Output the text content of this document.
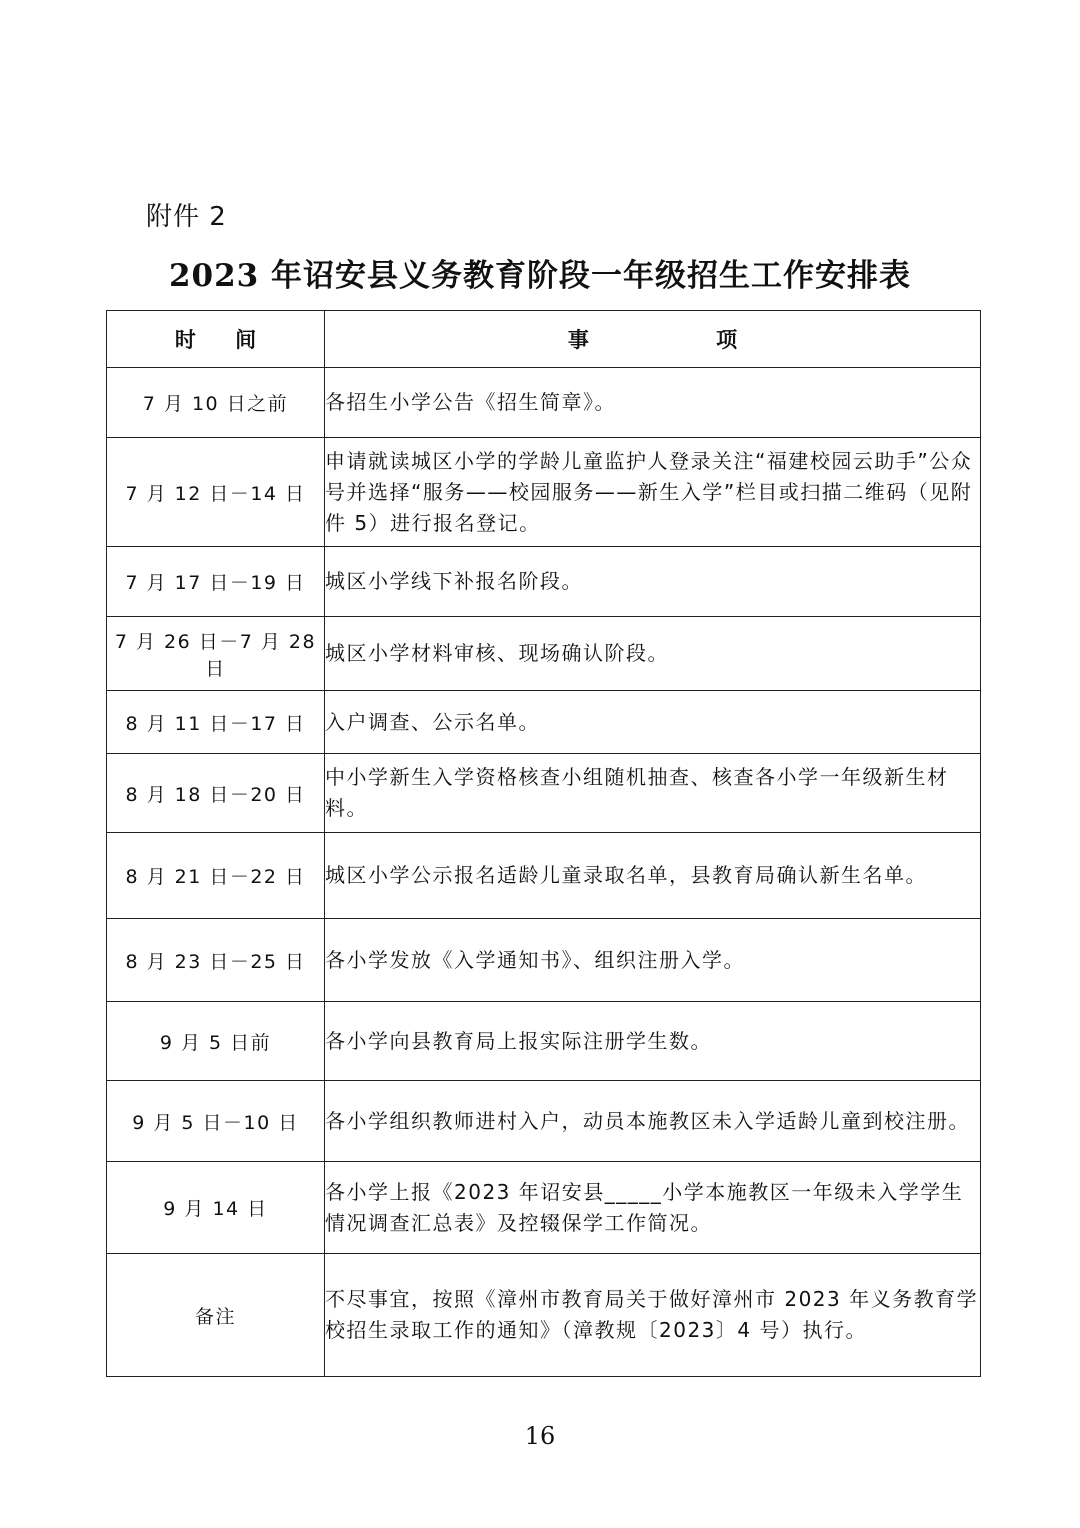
附件 2
2023 年诏安县义务教育阶段一年级招生工作安排表
时 间	事 项
7 月 10 日之前	各招生小学公告《招生简章》。
7 月 12 日－14 日	申请就读城区小学的学龄儿童监护人登录关注“福建校园云助手”公众号并选择“服务——校园服务——新生入学”栏目或扫描二维码（见附件 5）进行报名登记。
7 月 17 日－19 日	城区小学线下补报名阶段。
7 月 26 日－7 月 28 日	城区小学材料审核、现场确认阶段。
8 月 11 日－17 日	入户调查、公示名单。
8 月 18 日－20 日	中小学新生入学资格核查小组随机抽查、核查各小学一年级新生材料。
8 月 21 日－22 日	城区小学公示报名适龄儿童录取名单，县教育局确认新生名单。
8 月 23 日－25 日	各小学发放《入学通知书》、组织注册入学。
9 月 5 日前	各小学向县教育局上报实际注册学生数。
9 月 5 日－10 日	各小学组织教师进村入户，动员本施教区未入学适龄儿童到校注册。
9 月 14 日	各小学上报《2023 年诏安县_____小学本施教区一年级未入学学生情况调查汇总表》及控辍保学工作简况。
备注	不尽事宜，按照《漳州市教育局关于做好漳州市 2023 年义务教育学校招生录取工作的通知》（漳教规〔2023〕4 号）执行。
16
